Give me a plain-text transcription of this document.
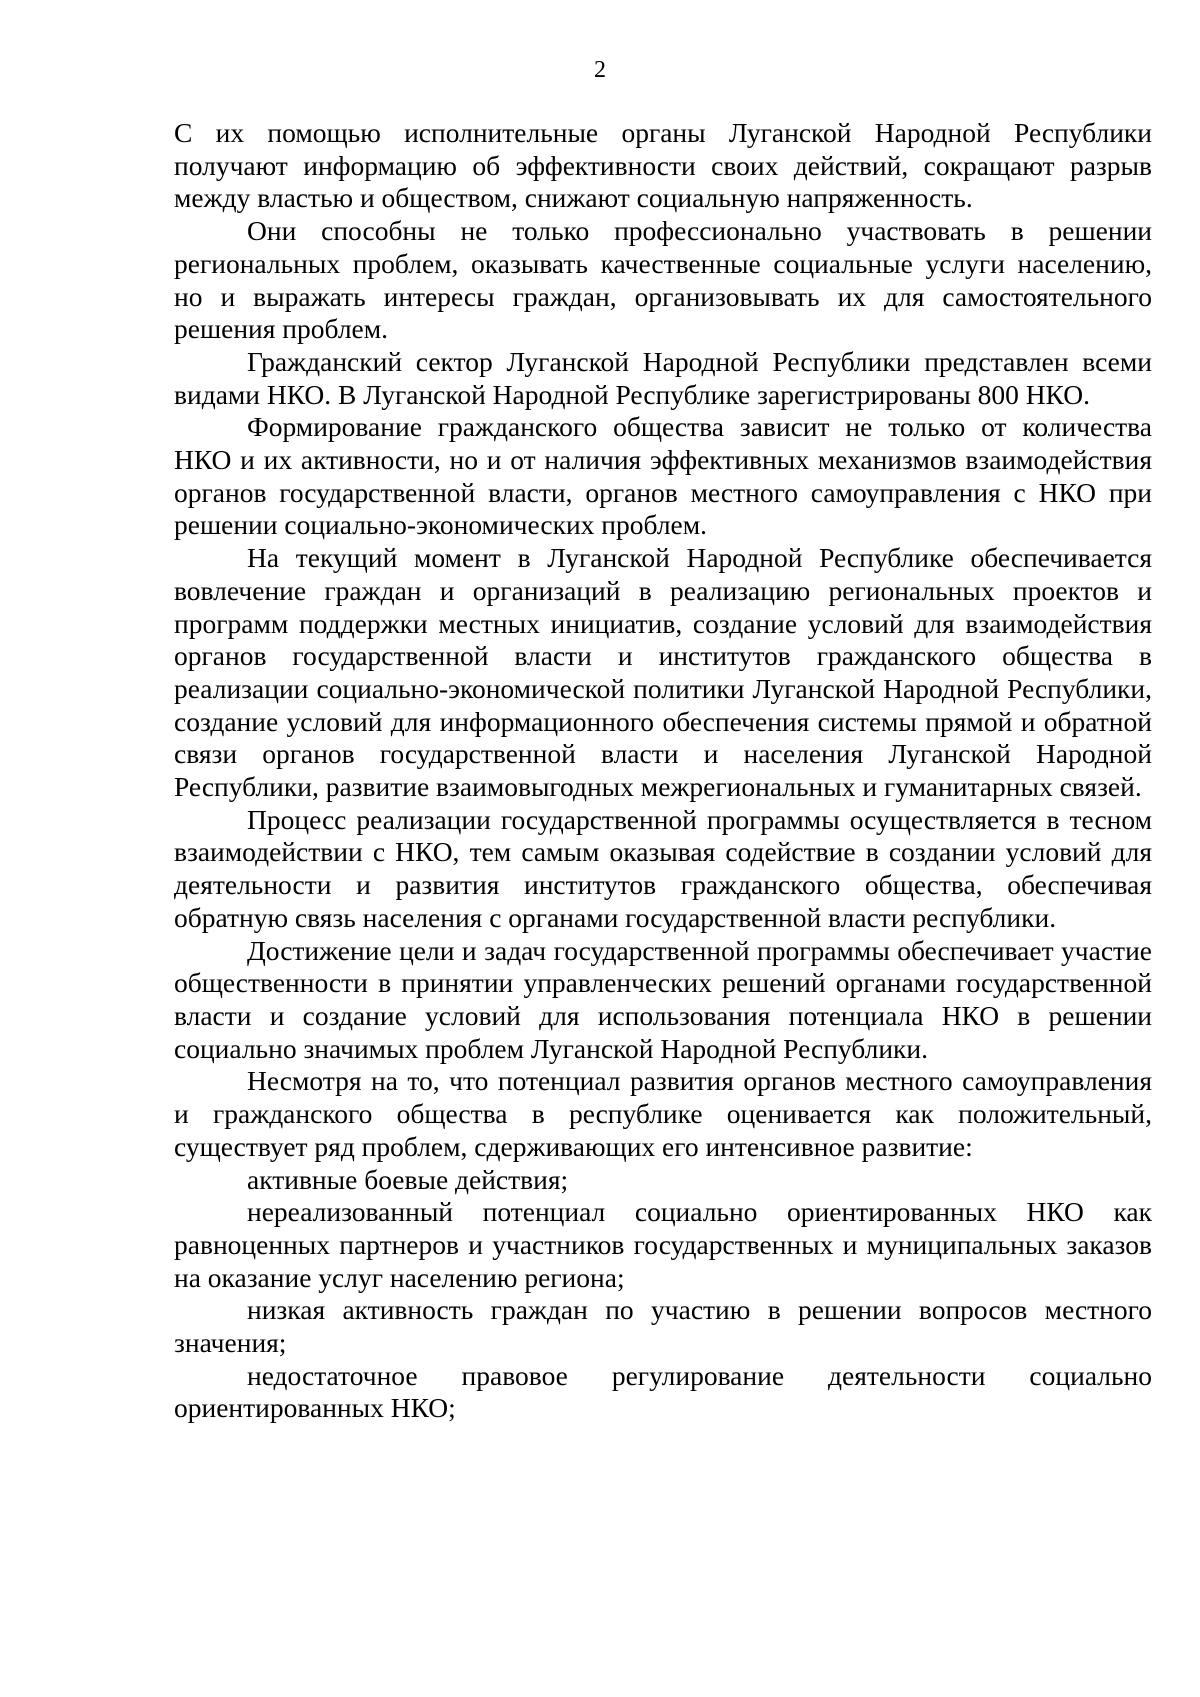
2

С их помощью исполнительные органы Луганской Народной Республики получают информацию об эффективности своих действий, сокращают разрыв между властью и обществом, снижают социальную напряженность.

Они способны не только профессионально участвовать в решении региональных проблем, оказывать качественные социальные услуги населению, но и выражать интересы граждан, организовывать их для самостоятельного решения проблем.

Гражданский сектор Луганской Народной Республики представлен всеми видами НКО. В Луганской Народной Республике зарегистрированы 800 НКО.

Формирование гражданского общества зависит не только от количества НКО и их активности, но и от наличия эффективных механизмов взаимодействия органов государственной власти, органов местного самоуправления с НКО при решении социально-экономических проблем.

На текущий момент в Луганской Народной Республике обеспечивается вовлечение граждан и организаций в реализацию региональных проектов и программ поддержки местных инициатив, создание условий для взаимодействия органов государственной власти и институтов гражданского общества в реализации социально-экономической политики Луганской Народной Республики, создание условий для информационного обеспечения системы прямой и обратной связи органов государственной власти и населения Луганской Народной Республики, развитие взаимовыгодных межрегиональных и гуманитарных связей.

Процесс реализации государственной программы осуществляется в тесном взаимодействии с НКО, тем самым оказывая содействие в создании условий для деятельности и развития институтов гражданского общества, обеспечивая обратную связь населения с органами государственной власти республики.

Достижение цели и задач государственной программы обеспечивает участие общественности в принятии управленческих решений органами государственной власти и создание условий для использования потенциала НКО в решении социально значимых проблем Луганской Народной Республики.

Несмотря на то, что потенциал развития органов местного самоуправления и гражданского общества в республике оценивается как положительный, существует ряд проблем, сдерживающих его интенсивное развитие:

активные боевые действия;

нереализованный потенциал социально ориентированных НКО как равноценных партнеров и участников государственных и муниципальных заказов на оказание услуг населению региона;

низкая активность граждан по участию в решении вопросов местного значения;

недостаточное правовое регулирование деятельности социально ориентированных НКО;
